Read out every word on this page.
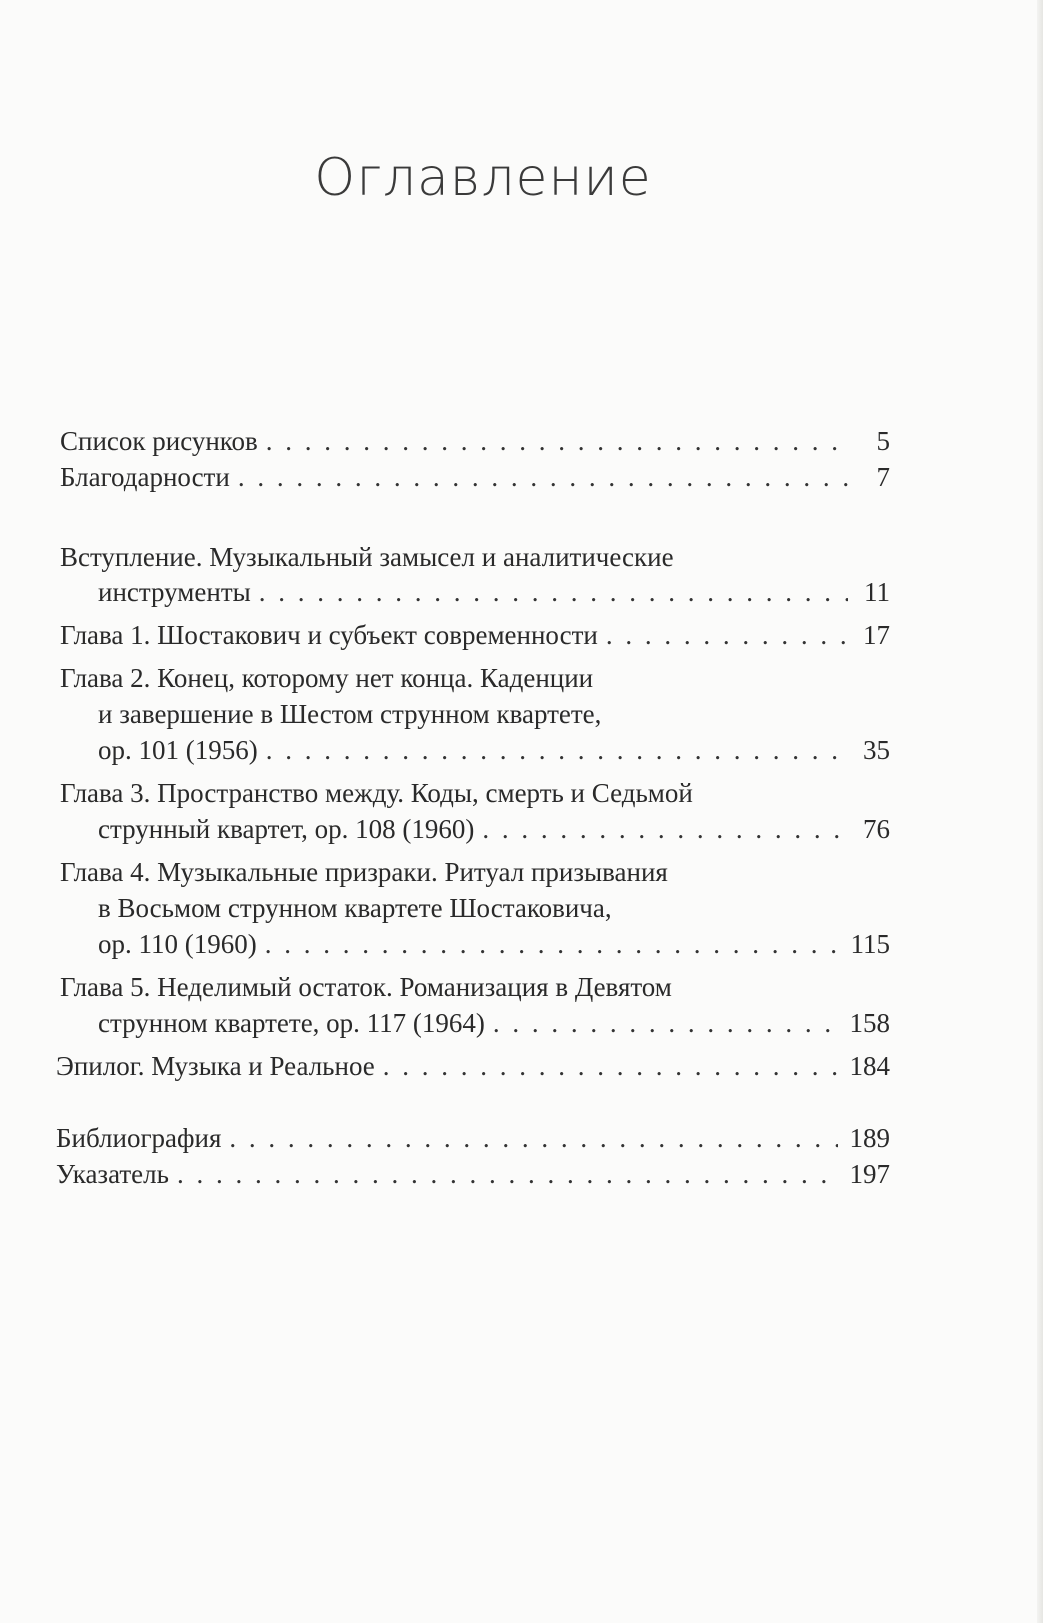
Оглавление
Список рисунков . . .	5
Благодарности . . .	7
Вступление. Музыкальный замысел и аналитические
инструменты . . .	11
Глава 1. Шостакович и субъект современности . . .	17
Глава 2. Конец, которому нет конца. Каденции
и завершение в Шестом струнном квартете,
op. 101 (1956) . . .	35
Глава 3. Пространство между. Коды, смерть и Седьмой
струнный квартет, op. 108 (1960) . . .	76
Глава 4. Музыкальные призраки. Ритуал призывания
в Восьмом струнном квартете Шостаковича,
op. 110 (1960) . . .	115
Глава 5. Неделимый остаток. Романизация в Девятом
струнном квартете, op. 117 (1964) . . .	158
Эпилог. Музыка и Реальное . . .	184
Библиография . . .	189
Указатель . . .	197
